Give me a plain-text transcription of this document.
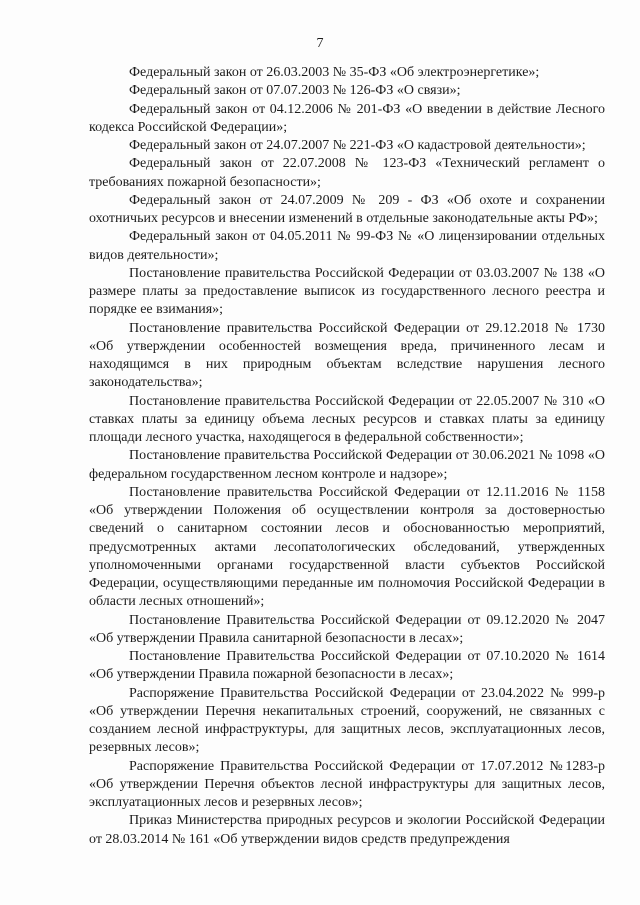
7

Федеральный закон от 26.03.2003 № 35-ФЗ «Об электроэнергетике»;

Федеральный закон от 07.07.2003 № 126-ФЗ «О связи»;

Федеральный закон от 04.12.2006 № 201-ФЗ «О введении в действие Лесного кодекса Российской Федерации»;

Федеральный закон от 24.07.2007 № 221-ФЗ «О кадастровой деятельности»;

Федеральный закон от 22.07.2008 № 123-ФЗ «Технический регламент о требованиях пожарной безопасности»;

Федеральный закон от 24.07.2009 № 209 - ФЗ «Об охоте и сохранении охотничьих ресурсов и внесении изменений в отдельные законодательные акты РФ»;

Федеральный закон от 04.05.2011 № 99-ФЗ № «О лицензировании отдельных видов деятельности»;

Постановление правительства Российской Федерации от 03.03.2007 № 138 «О размере платы за предоставление выписок из государственного лесного реестра и порядке ее взимания»;

Постановление правительства Российской Федерации от 29.12.2018 № 1730 «Об утверждении особенностей возмещения вреда, причиненного лесам и находящимся в них природным объектам вследствие нарушения лесного законодательства»;

Постановление правительства Российской Федерации от 22.05.2007 № 310 «О ставках платы за единицу объема лесных ресурсов и ставках платы за единицу площади лесного участка, находящегося в федеральной собственности»;

Постановление правительства Российской Федерации от 30.06.2021 № 1098 «О федеральном государственном лесном контроле и надзоре»;

Постановление правительства Российской Федерации от 12.11.2016 № 1158 «Об утверждении Положения об осуществлении контроля за достоверностью сведений о санитарном состоянии лесов и обоснованностью мероприятий, предусмотренных актами лесопатологических обследований, утвержденных уполномоченными органами государственной власти субъектов Российской Федерации, осуществляющими переданные им полномочия Российской Федерации в области лесных отношений»;

Постановление Правительства Российской Федерации от 09.12.2020 № 2047 «Об утверждении Правила санитарной безопасности в лесах»;

Постановление Правительства Российской Федерации от 07.10.2020 № 1614 «Об утверждении Правила пожарной безопасности в лесах»;

Распоряжение Правительства Российской Федерации от 23.04.2022 № 999-р «Об утверждении Перечня некапитальных строений, сооружений, не связанных с созданием лесной инфраструктуры, для защитных лесов, эксплуатационных лесов, резервных лесов»;

Распоряжение Правительства Российской Федерации от 17.07.2012 №1283-р «Об утверждении Перечня объектов лесной инфраструктуры для защитных лесов, эксплуатационных лесов и резервных лесов»;

Приказ Министерства природных ресурсов и экологии Российской Федерации от 28.03.2014 № 161 «Об утверждении видов средств предупреждения
